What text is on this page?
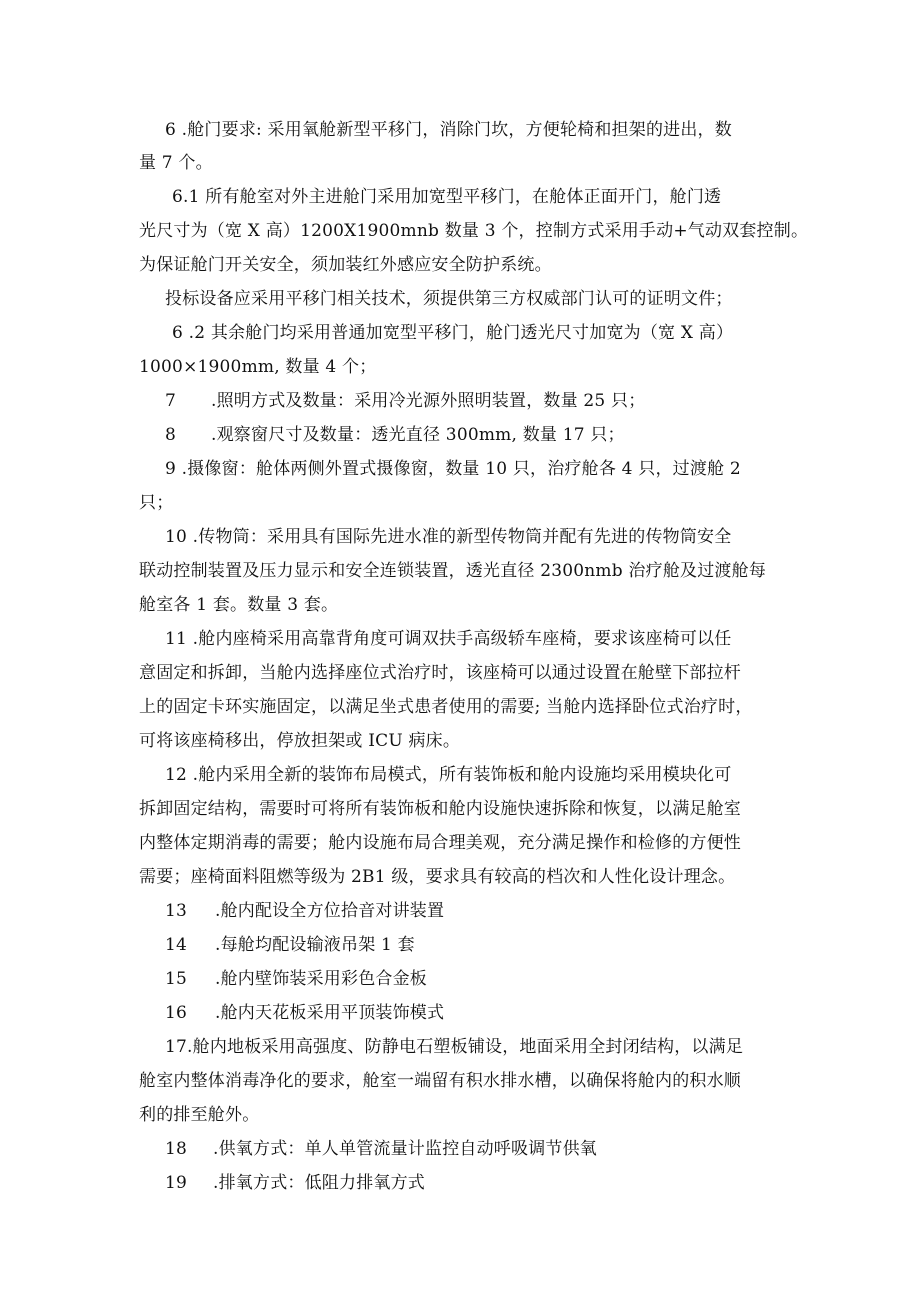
6 .舱门要求: 采用氧舱新型平移门，消除门坎，方便轮椅和担架的进出，数
量 7 个。
6.1 所有舱室对外主进舱门采用加宽型平移门，在舱体正面开门，舱门透
光尺寸为（宽 X 高）1200X1900mnb 数量 3 个，控制方式采用手动+气动双套控制。
为保证舱门开关安全，须加装红外感应安全防护系统。
投标设备应采用平移门相关技术，须提供第三方权威部门认可的证明文件；
6 .2 其余舱门均采用普通加宽型平移门，舱门透光尺寸加宽为（宽 X 高）
1000×1900mm, 数量 4 个；
7 .照明方式及数量：采用冷光源外照明装置，数量 25 只；
8 .观察窗尺寸及数量：透光直径 300mm, 数量 17 只；
9 .摄像窗：舱体两侧外置式摄像窗，数量 10 只，治疗舱各 4 只，过渡舱 2
只；
10 .传物筒：采用具有国际先进水准的新型传物筒并配有先进的传物筒安全
联动控制装置及压力显示和安全连锁装置，透光直径 2300nmb 治疗舱及过渡舱每
舱室各 1 套。数量 3 套。
11 .舱内座椅采用高靠背角度可调双扶手高级轿车座椅，要求该座椅可以任
意固定和拆卸，当舱内选择座位式治疗时，该座椅可以通过设置在舱壁下部拉杆
上的固定卡环实施固定，以满足坐式患者使用的需要; 当舱内选择卧位式治疗时，
可将该座椅移出，停放担架或 ICU 病床。
12 .舱内采用全新的装饰布局模式，所有装饰板和舱内设施均采用模块化可
拆卸固定结构，需要时可将所有装饰板和舱内设施快速拆除和恢复，以满足舱室
内整体定期消毒的需要；舱内设施布局合理美观，充分满足操作和检修的方便性
需要；座椅面料阻燃等级为 2B1 级，要求具有较高的档次和人性化设计理念。
13 .舱内配设全方位拾音对讲装置
14 .每舱均配设输液吊架 1 套
15 .舱内壁饰装采用彩色合金板
16 .舱内天花板采用平顶装饰模式
17.舱内地板采用高强度、防静电石塑板铺设，地面采用全封闭结构，以满足
舱室内整体消毒净化的要求，舱室一端留有积水排水槽，以确保将舱内的积水顺
利的排至舱外。
18 .供氧方式：单人单管流量计监控自动呼吸调节供氧
19 .排氧方式：低阻力排氧方式
